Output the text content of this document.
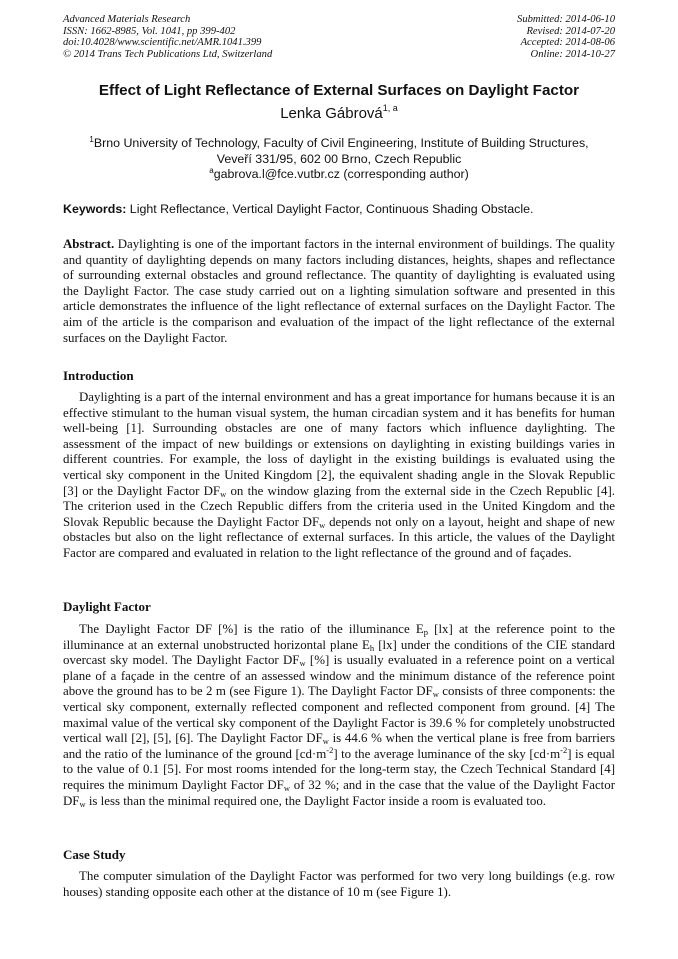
Advanced Materials Research
ISSN: 1662-8985, Vol. 1041, pp 399-402
doi:10.4028/www.scientific.net/AMR.1041.399
© 2014 Trans Tech Publications Ltd, Switzerland
Submitted: 2014-06-10
Revised: 2014-07-20
Accepted: 2014-08-06
Online: 2014-10-27
Effect of Light Reflectance of External Surfaces on Daylight Factor
Lenka Gábrová$^{1, a}$
$^1$Brno University of Technology, Faculty of Civil Engineering, Institute of Building Structures,
Veveří 331/95, 602 00 Brno, Czech Republic
$^a$gabrova.l@fce.vutbr.cz (corresponding author)
Keywords: Light Reflectance, Vertical Daylight Factor, Continuous Shading Obstacle.

Abstract. Daylighting is one of the important factors in the internal environment of buildings. The quality and quantity of daylighting depends on many factors including distances, heights, shapes and reflectance of surrounding external obstacles and ground reflectance. The quantity of daylighting is evaluated using the Daylight Factor. The case study carried out on a lighting simulation software and presented in this article demonstrates the influence of the light reflectance of external surfaces on the Daylight Factor. The aim of the article is the comparison and evaluation of the impact of the light reflectance of the external surfaces on the Daylight Factor.

Introduction

Daylighting is a part of the internal environment and has a great importance for humans because it is an effective stimulant to the human visual system, the human circadian system and it has benefits for human well-being [1]. Surrounding obstacles are one of many factors which influence daylighting. The assessment of the impact of new buildings or extensions on daylighting in existing buildings varies in different countries. For example, the loss of daylight in the existing buildings is evaluated using the vertical sky component in the United Kingdom [2], the equivalent shading angle in the Slovak Republic [3] or the Daylight Factor $DF_w$ on the window glazing from the external side in the Czech Republic [4]. The criterion used in the Czech Republic differs from the criteria used in the United Kingdom and the Slovak Republic because the Daylight Factor $DF_w$ depends not only on a layout, height and shape of new obstacles but also on the light reflectance of external surfaces. In this article, the values of the Daylight Factor are compared and evaluated in relation to the light reflectance of the ground and of façades.

Daylight Factor

The Daylight Factor DF [%] is the ratio of the illuminance $E_p$ [lx] at the reference point to the illuminance at an external unobstructed horizontal plane $E_h$ [lx] under the conditions of the CIE standard overcast sky model. The Daylight Factor $DF_w$ [%] is usually evaluated in a reference point on a vertical plane of a façade in the centre of an assessed window and the minimum distance of the reference point above the ground has to be 2 m (see Figure 1). The Daylight Factor $DF_w$ consists of three components: the vertical sky component, externally reflected component and reflected component from ground. [4] The maximal value of the vertical sky component of the Daylight Factor is 39.6 % for completely unobstructed vertical wall [2], [5], [6]. The Daylight Factor $DF_w$ is 44.6 % when the vertical plane is free from barriers and the ratio of the luminance of the ground $[cd\cdot m^{-2}]$ to the average luminance of the sky $[cd\cdot m^{-2}]$ is equal to the value of 0.1 [5]. For most rooms intended for the long-term stay, the Czech Technical Standard [4] requires the minimum Daylight Factor $DF_w$ of 32 %; and in the case that the value of the Daylight Factor $DF_w$ is less than the minimal required one, the Daylight Factor inside a room is evaluated too.

Case Study

The computer simulation of the Daylight Factor was performed for two very long buildings (e.g. row houses) standing opposite each other at the distance of 10 m (see Figure 1).
